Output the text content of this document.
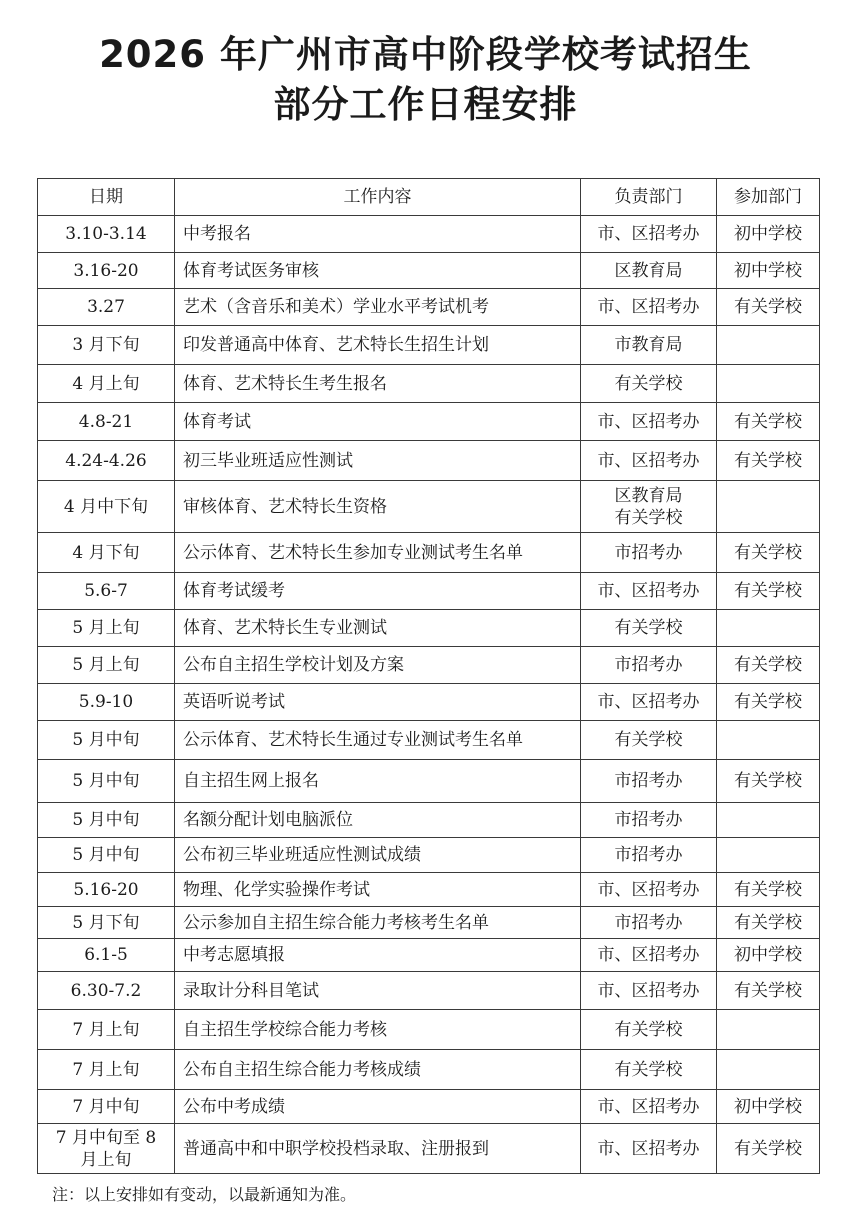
2026 年广州市高中阶段学校考试招生
部分工作日程安排
日期	工作内容	负责部门	参加部门

3.10-3.14	中考报名	市、区招考办	初中学校

3.16-20	体育考试医务审核	区教育局	初中学校

3.27	艺术（含音乐和美术）学业水平考试机考	市、区招考办	有关学校

3 月下旬	印发普通高中体育、艺术特长生招生计划	市教育局	

4 月上旬	体育、艺术特长生考生报名	有关学校	

4.8-21	体育考试	市、区招考办	有关学校

4.24-4.26	初三毕业班适应性测试	市、区招考办	有关学校

4 月中下旬	审核体育、艺术特长生资格	区教育局
有关学校	

4 月下旬	公示体育、艺术特长生参加专业测试考生名单	市招考办	有关学校

5.6-7	体育考试缓考	市、区招考办	有关学校

5 月上旬	体育、艺术特长生专业测试	有关学校	

5 月上旬	公布自主招生学校计划及方案	市招考办	有关学校

5.9-10	英语听说考试	市、区招考办	有关学校

5 月中旬	公示体育、艺术特长生通过专业测试考生名单	有关学校	

5 月中旬	自主招生网上报名	市招考办	有关学校

5 月中旬	名额分配计划电脑派位	市招考办	

5 月中旬	公布初三毕业班适应性测试成绩	市招考办	

5.16-20	物理、化学实验操作考试	市、区招考办	有关学校

5 月下旬	公示参加自主招生综合能力考核考生名单	市招考办	有关学校

6.1-5	中考志愿填报	市、区招考办	初中学校

6.30-7.2	录取计分科目笔试	市、区招考办	有关学校

7 月上旬	自主招生学校综合能力考核	有关学校	

7 月上旬	公布自主招生综合能力考核成绩	有关学校	

7 月中旬	公布中考成绩	市、区招考办	初中学校

7 月中旬至 8
月上旬	普通高中和中职学校投档录取、注册报到	市、区招考办	有关学校
注：以上安排如有变动，以最新通知为准。
